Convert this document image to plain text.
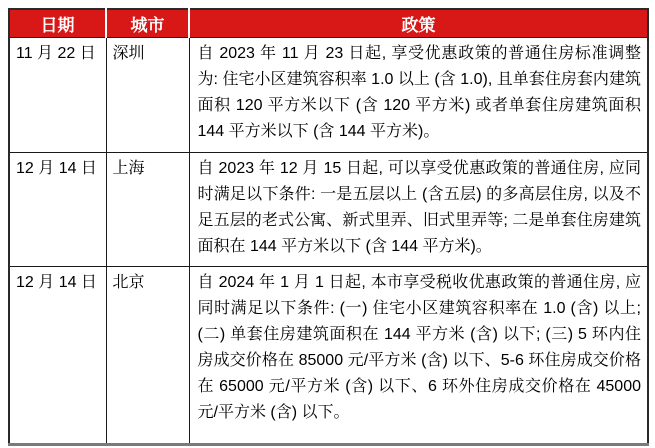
日期	城市	政策
11 月 22 日	深圳	自 2023 年 11 月 23 日起, 享受优惠政策的普通住房标准调整为: 住宅小区建筑容积率 1.0 以上 (含 1.0), 且单套住房套内建筑面积 120 平方米以下 (含 120 平方米) 或者单套住房建筑面积 144 平方米以下 (含 144 平方米)。
12 月 14 日	上海	自 2023 年 12 月 15 日起, 可以享受优惠政策的普通住房, 应同时满足以下条件: 一是五层以上 (含五层) 的多高层住房, 以及不足五层的老式公寓、新式里弄、旧式里弄等; 二是单套住房建筑面积在 144 平方米以下 (含 144 平方米)。
12 月 14 日	北京	自 2024 年 1 月 1 日起, 本市享受税收优惠政策的普通住房, 应同时满足以下条件: (一) 住宅小区建筑容积率在 1.0 (含) 以上; (二) 单套住房建筑面积在 144 平方米 (含) 以下; (三) 5 环内住房成交价格在 85000 元/平方米 (含) 以下、5-6 环住房成交价格在 65000 元/平方米 (含) 以下、6 环外住房成交价格在 45000 元/平方米 (含) 以下。
